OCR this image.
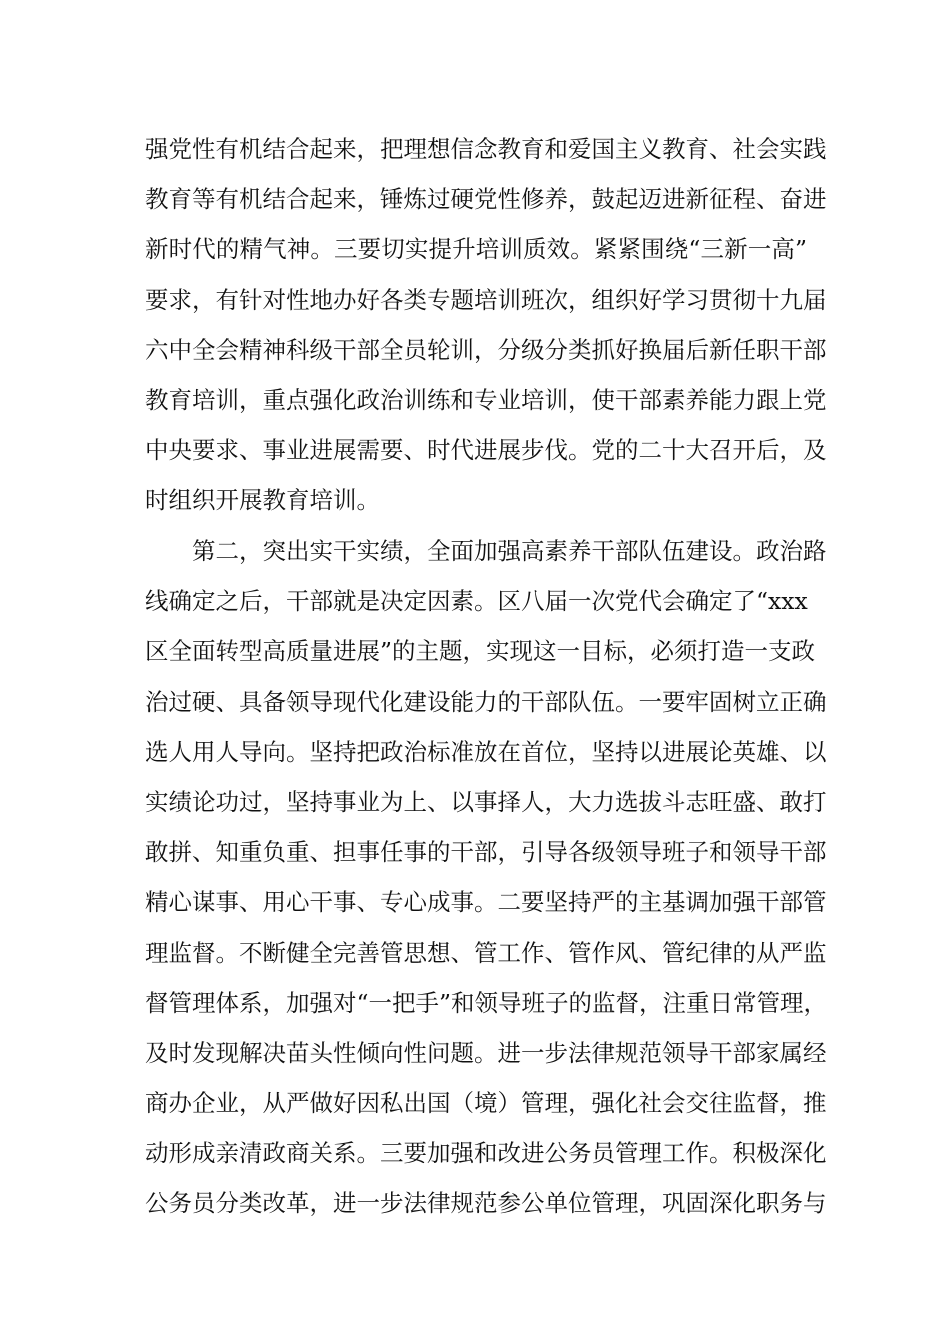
强党性有机结合起来，把理想信念教育和爱国主义教育、社会实践
教育等有机结合起来，锤炼过硬党性修养，鼓起迈进新征程、奋进
新时代的精气神。三要切实提升培训质效。紧紧围绕“三新一高”
要求，有针对性地办好各类专题培训班次，组织好学习贯彻十九届
六中全会精神科级干部全员轮训，分级分类抓好换届后新任职干部
教育培训，重点强化政治训练和专业培训，使干部素养能力跟上党
中央要求、事业进展需要、时代进展步伐。党的二十大召开后，及
时组织开展教育培训。
第二，突出实干实绩，全面加强高素养干部队伍建设。政治路
线确定之后，干部就是决定因素。区八届一次党代会确定了“xxx
区全面转型高质量进展”的主题，实现这一目标，必须打造一支政
治过硬、具备领导现代化建设能力的干部队伍。一要牢固树立正确
选人用人导向。坚持把政治标准放在首位，坚持以进展论英雄、以
实绩论功过，坚持事业为上、以事择人，大力选拔斗志旺盛、敢打
敢拼、知重负重、担事任事的干部，引导各级领导班子和领导干部
精心谋事、用心干事、专心成事。二要坚持严的主基调加强干部管
理监督。不断健全完善管思想、管工作、管作风、管纪律的从严监
督管理体系，加强对“一把手”和领导班子的监督，注重日常管理，
及时发现解决苗头性倾向性问题。进一步法律规范领导干部家属经
商办企业，从严做好因私出国（境）管理，强化社会交往监督，推
动形成亲清政商关系。三要加强和改进公务员管理工作。积极深化
公务员分类改革，进一步法律规范参公单位管理，巩固深化职务与
